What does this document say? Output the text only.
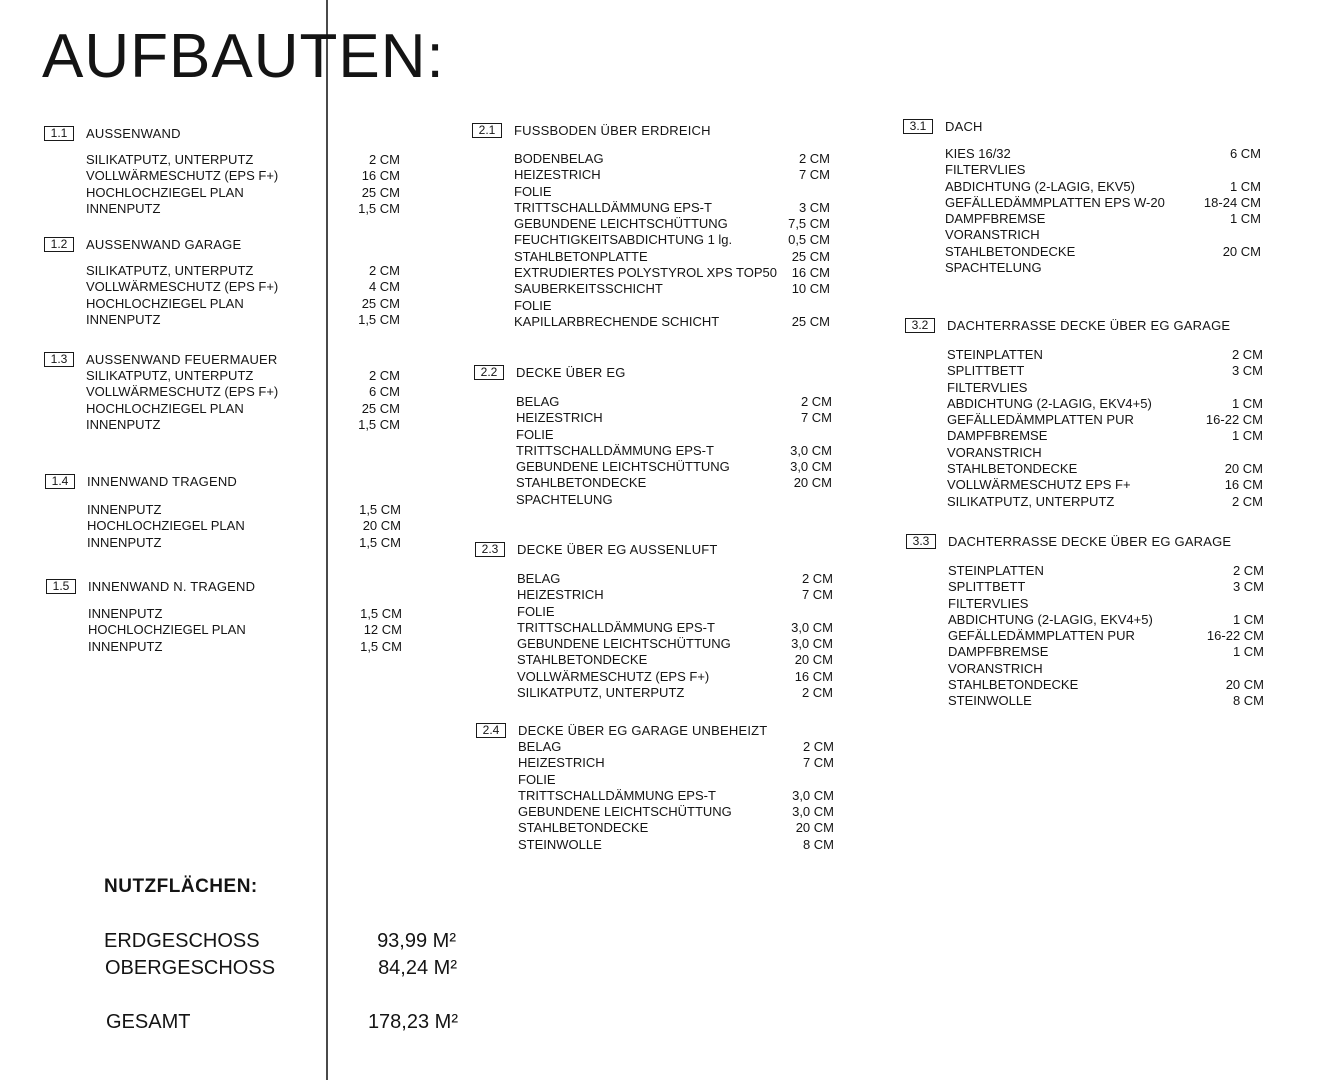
AUFBAUTEN:
1.1	AUSSENWAND
SILIKATPUTZ, UNTERPUTZ	2 CM
VOLLWÄRMESCHUTZ (EPS F+)	16 CM
HOCHLOCHZIEGEL PLAN	25 CM
INNENPUTZ	1,5 CM
1.2	AUSSENWAND GARAGE
SILIKATPUTZ, UNTERPUTZ	2 CM
VOLLWÄRMESCHUTZ (EPS F+)	4 CM
HOCHLOCHZIEGEL PLAN	25 CM
INNENPUTZ	1,5 CM
1.3	AUSSENWAND FEUERMAUER
SILIKATPUTZ, UNTERPUTZ	2 CM
VOLLWÄRMESCHUTZ (EPS F+)	6 CM
HOCHLOCHZIEGEL PLAN	25 CM
INNENPUTZ	1,5 CM
1.4	INNENWAND TRAGEND
INNENPUTZ	1,5 CM
HOCHLOCHZIEGEL PLAN	20 CM
INNENPUTZ	1,5 CM
1.5	INNENWAND N. TRAGEND
INNENPUTZ	1,5 CM
HOCHLOCHZIEGEL PLAN	12 CM
INNENPUTZ	1,5 CM
2.1	FUSSBODEN ÜBER ERDREICH
BODENBELAG	2 CM
HEIZESTRICH	7 CM
FOLIE
TRITTSCHALLDÄMMUNG EPS-T	3 CM
GEBUNDENE LEICHTSCHÜTTUNG	7,5 CM
FEUCHTIGKEITSABDICHTUNG 1 lg.	0,5 CM
STAHLBETONPLATTE	25 CM
EXTRUDIERTES POLYSTYROL XPS TOP50 16 CM
SAUBERKEITSSCHICHT	10 CM
FOLIE
KAPILLARBRECHENDE SCHICHT	25 CM
2.2	DECKE ÜBER EG
BELAG	2 CM
HEIZESTRICH	7 CM
FOLIE
TRITTSCHALLDÄMMUNG EPS-T	3,0 CM
GEBUNDENE LEICHTSCHÜTTUNG	3,0 CM
STAHLBETONDECKE	20 CM
SPACHTELUNG
2.3	DECKE ÜBER EG AUSSENLUFT
BELAG	2 CM
HEIZESTRICH	7 CM
FOLIE
TRITTSCHALLDÄMMUNG EPS-T	3,0 CM
GEBUNDENE LEICHTSCHÜTTUNG	3,0 CM
STAHLBETONDECKE	20 CM
VOLLWÄRMESCHUTZ (EPS F+)	16 CM
SILIKATPUTZ, UNTERPUTZ	2 CM
2.4	DECKE ÜBER EG GARAGE UNBEHEIZT
BELAG	2 CM
HEIZESTRICH	7 CM
FOLIE
TRITTSCHALLDÄMMUNG EPS-T	3,0 CM
GEBUNDENE LEICHTSCHÜTTUNG	3,0 CM
STAHLBETONDECKE	20 CM
STEINWOLLE	8 CM
3.1	DACH
KIES 16/32	6 CM
FILTERVLIES
ABDICHTUNG (2-LAGIG, EKV5)	1 CM
GEFÄLLEDÄMMPLATTEN EPS W-20	18-24 CM
DAMPFBREMSE	1 CM
VORANSTRICH
STAHLBETONDECKE	20 CM
SPACHTELUNG
3.2	DACHTERRASSE DECKE ÜBER EG GARAGE
STEINPLATTEN	2 CM
SPLITTBETT	3 CM
FILTERVLIES
ABDICHTUNG (2-LAGIG, EKV4+5)	1 CM
GEFÄLLEDÄMMPLATTEN PUR	16-22 CM
DAMPFBREMSE	1 CM
VORANSTRICH
STAHLBETONDECKE	20 CM
VOLLWÄRMESCHUTZ EPS F+	16 CM
SILIKATPUTZ, UNTERPUTZ	2 CM
3.3	DACHTERRASSE DECKE ÜBER EG GARAGE
STEINPLATTEN	2 CM
SPLITTBETT	3 CM
FILTERVLIES
ABDICHTUNG (2-LAGIG, EKV4+5)	1 CM
GEFÄLLEDÄMMPLATTEN PUR	16-22 CM
DAMPFBREMSE	1 CM
VORANSTRICH
STAHLBETONDECKE	20 CM
STEINWOLLE	8 CM
NUTZFLÄCHEN:
ERDGESCHOSS	93,99 M²
OBERGESCHOSS	84,24 M²
GESAMT	178,23 M²
